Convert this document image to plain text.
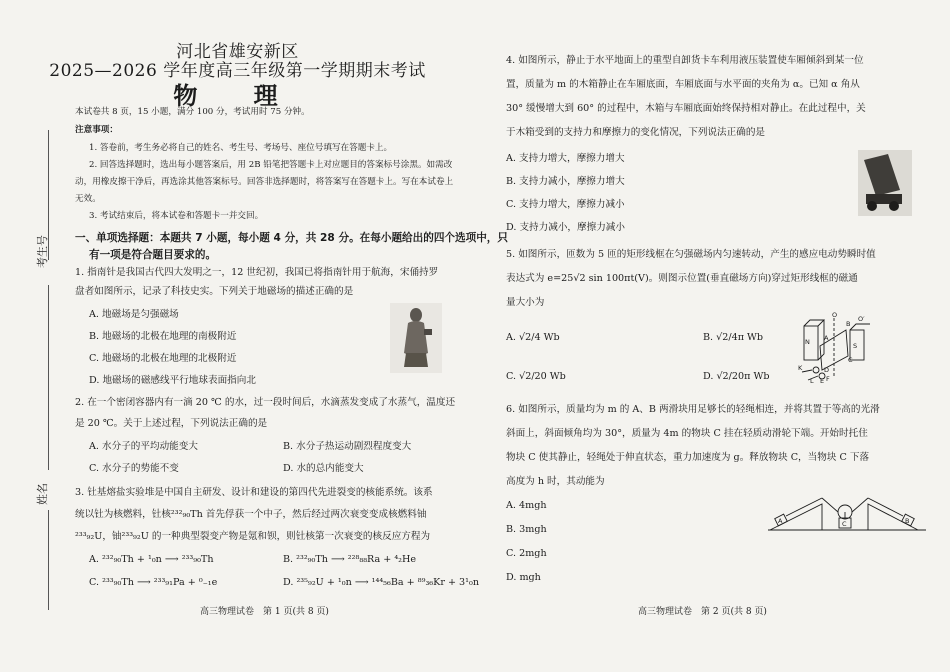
考生号
姓名
河北省雄安新区
2025—2026 学年度高三年级第一学期期末考试
物 理
本试卷共 8 页，15 小题，满分 100 分，考试用时 75 分钟。
注意事项：
1. 答卷前，考生务必将自己的姓名、考生号、考场号、座位号填写在答题卡上。
2. 回答选择题时，选出每小题答案后，用 2B 铅笔把答题卡上对应题目的答案标号涂黑。如需改
动，用橡皮擦干净后，再选涂其他答案标号。回答非选择题时，将答案写在答题卡上。写在本试卷上
无效。
3. 考试结束后，将本试卷和答题卡一并交回。
一、单项选择题：本题共 7 小题，每小题 4 分，共 28 分。在每小题给出的四个选项中，只
有一项是符合题目要求的。
1. 指南针是我国古代四大发明之一，12 世纪初，我国已将指南针用于航海，宋俑持罗
盘者如图所示，记录了科技史实。下列关于地磁场的描述正确的是
A. 地磁场是匀强磁场
B. 地磁场的北极在地理的南极附近
C. 地磁场的北极在地理的北极附近
D. 地磁场的磁感线平行地球表面指向北
2. 在一个密闭容器内有一滴 20 ℃ 的水，过一段时间后，水滴蒸发变成了水蒸气，温度还
是 20 ℃。关于上述过程，下列说法正确的是
A. 水分子的平均动能变大	B. 水分子热运动剧烈程度变大
C. 水分子的势能不变	D. 水的总内能变大
3. 钍基熔盐实验堆是中国自主研发、设计和建设的第四代先进裂变的核能系统。该系
统以钍为核燃料，钍核²³²₉₀Th 首先俘获一个中子，然后经过两次衰变变成核燃料铀
²³³₉₂U，铀²³³₉₂U 的一种典型裂变产物是氪和钡，则钍核第一次衰变的核反应方程为
A. ²³²₉₀Th + ¹₀n ⟶ ²³³₉₀Th	B. ²³²₉₀Th ⟶ ²²⁸₈₈Ra + ⁴₂He
C. ²³³₉₀Th ⟶ ²³³₉₁Pa + ⁰₋₁e	D. ²³⁵₉₂U + ¹₀n ⟶ ¹⁴⁴₅₆Ba + ⁸⁹₃₆Kr + 3¹₀n
高三物理试卷　第 1 页(共 8 页)
4. 如图所示，静止于水平地面上的重型自卸货卡车利用液压装置使车厢倾斜到某一位
置，质量为 m 的木箱静止在车厢底面，车厢底面与水平面的夹角为 α。已知 α 角从
30° 缓慢增大到 60° 的过程中，木箱与车厢底面始终保持相对静止。在此过程中，关
于木箱受到的支持力和摩擦力的变化情况，下列说法正确的是
A. 支持力增大，摩擦力增大
B. 支持力减小，摩擦力增大
C. 支持力增大，摩擦力减小
D. 支持力减小，摩擦力减小
5. 如图所示，匝数为 5 匝的矩形线框在匀强磁场内匀速转动，产生的感应电动势瞬时值
表达式为 e=25√2 sin 100πt(V)。则图示位置(垂直磁场方向)穿过矩形线框的磁通
量大小为
A. √2/4 Wb	B. √2/4π Wb
C. √2/20 Wb	D. √2/20π Wb
N	S
A
B
C
D
O	O′
K
L E F
6. 如图所示，质量均为 m 的 A、B 两滑块用足够长的轻绳相连，并将其置于等高的光滑
斜面上，斜面倾角均为 30°，质量为 4m 的物块 C 挂在轻质动滑轮下端。开始时托住
物块 C 使其静止，轻绳处于伸直状态，重力加速度为 g。释放物块 C，当物块 C 下落
高度为 h 时，其动能为
A. 4mgh
B. 3mgh
C. 2mgh
D. mgh
A	B
C
高三物理试卷　第 2 页(共 8 页)
